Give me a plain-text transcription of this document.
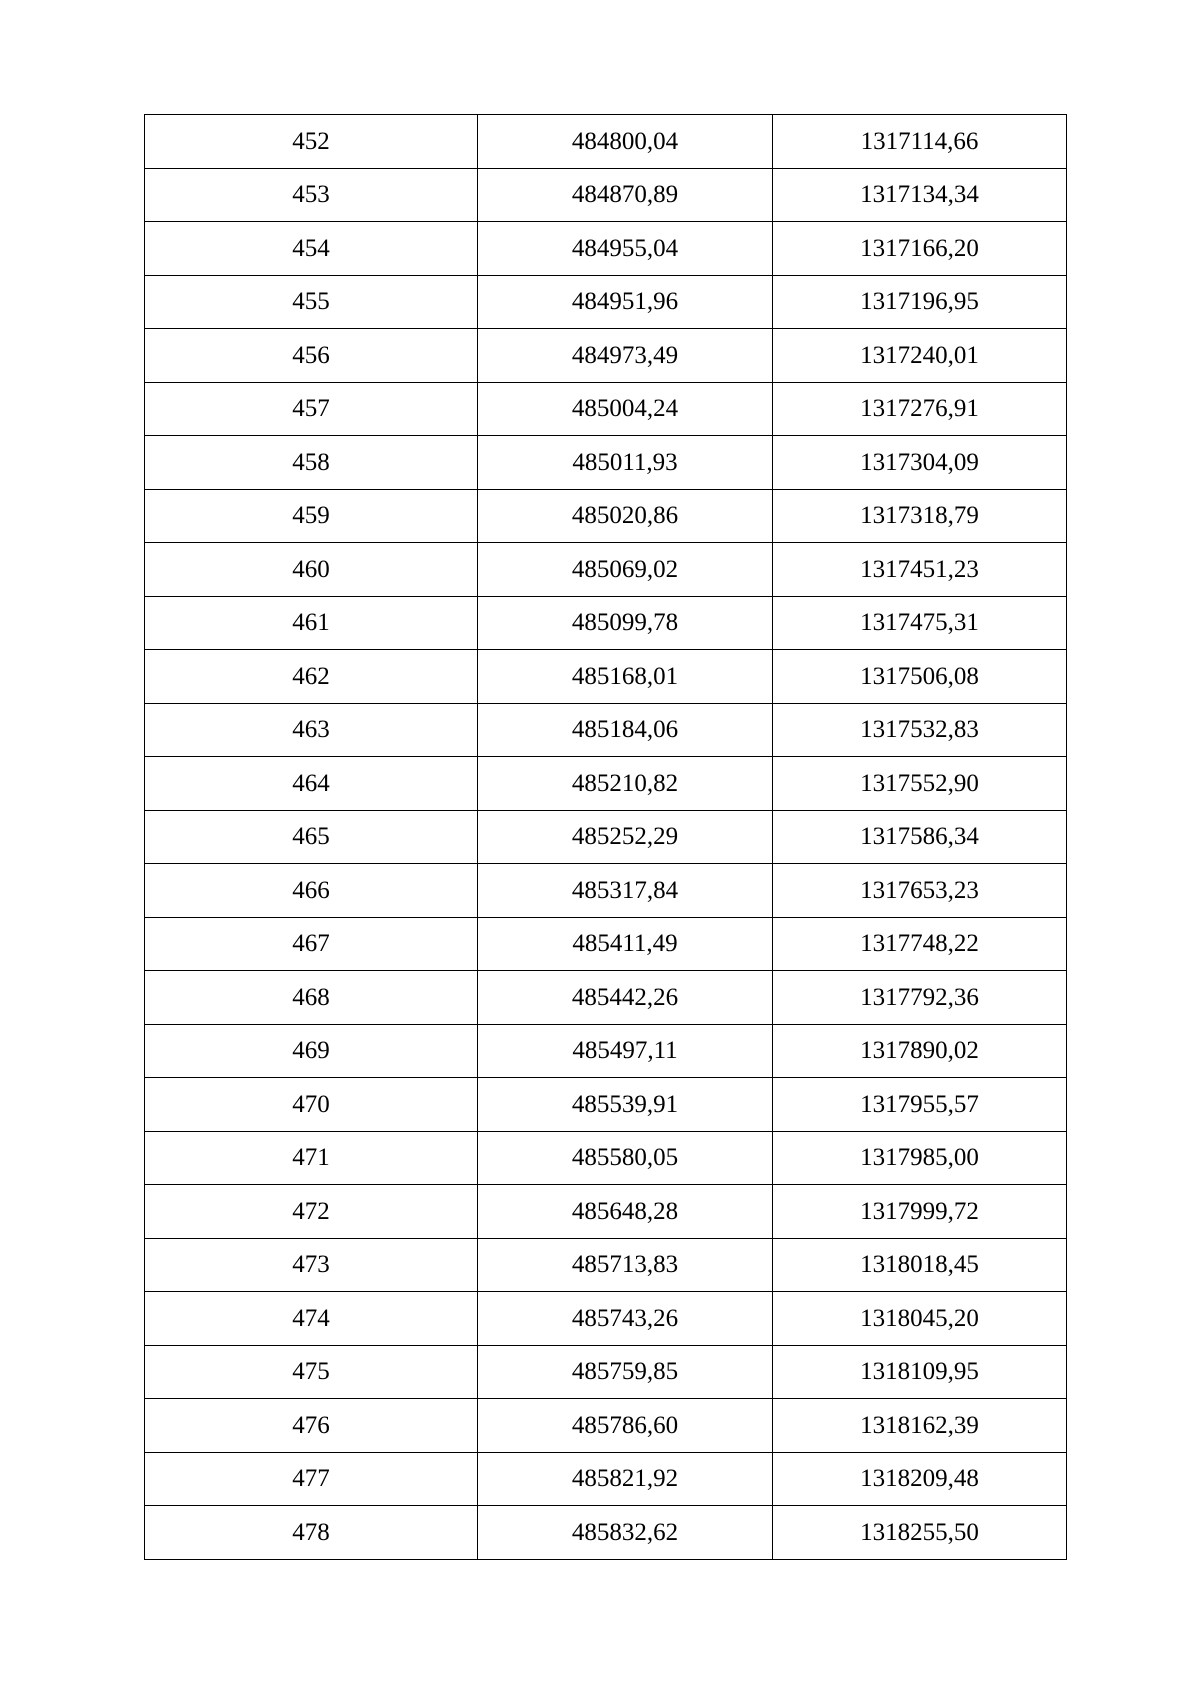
452	484800,04	1317114,66
453	484870,89	1317134,34
454	484955,04	1317166,20
455	484951,96	1317196,95
456	484973,49	1317240,01
457	485004,24	1317276,91
458	485011,93	1317304,09
459	485020,86	1317318,79
460	485069,02	1317451,23
461	485099,78	1317475,31
462	485168,01	1317506,08
463	485184,06	1317532,83
464	485210,82	1317552,90
465	485252,29	1317586,34
466	485317,84	1317653,23
467	485411,49	1317748,22
468	485442,26	1317792,36
469	485497,11	1317890,02
470	485539,91	1317955,57
471	485580,05	1317985,00
472	485648,28	1317999,72
473	485713,83	1318018,45
474	485743,26	1318045,20
475	485759,85	1318109,95
476	485786,60	1318162,39
477	485821,92	1318209,48
478	485832,62	1318255,50
